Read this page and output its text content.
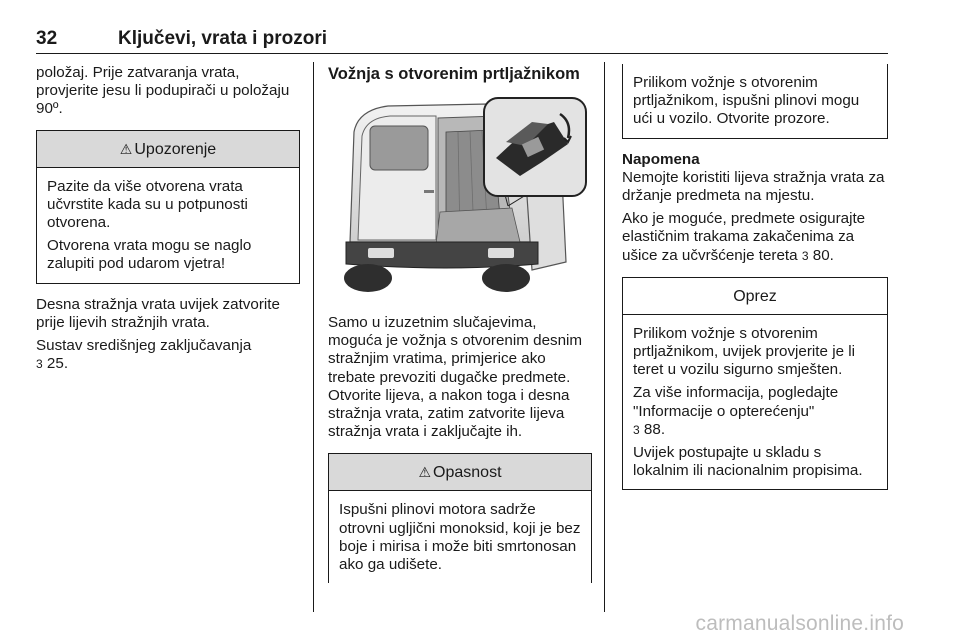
32	Ključevi, vrata i prozori

položaj. Prije zatvaranja vrata, provjerite jesu li podupirači u položaju 90º.

⚠ Upozorenje

Pazite da više otvorena vrata učvrstite kada su u potpunosti otvorena.

Otvorena vrata mogu se naglo zalupiti pod udarom vjetra!

Desna stražnja vrata uvijek zatvorite prije lijevih stražnjih vrata.

Sustav središnjeg zaključavanja
3 25.

Vožnja s otvorenim prtljažnikom

Samo u izuzetnim slučajevima, moguća je vožnja s otvorenim desnim stražnjim vratima, primjerice ako trebate prevoziti dugačke predmete. Otvorite lijeva, a nakon toga i desna stražnja vrata, zatim zatvorite lijeva stražnja vrata i zaključajte ih.

⚠ Opasnost

Ispušni plinovi motora sadrže otrovni ugljični monoksid, koji je bez boje i mirisa i može biti smrtonosan ako ga udišete.

Prilikom vožnje s otvorenim prtljažnikom, ispušni plinovi mogu ući u vozilo. Otvorite prozore.

Napomena

Nemojte koristiti lijeva stražnja vrata za držanje predmeta na mjestu.

Ako je moguće, predmete osigurajte elastičnim trakama zakačenima za ušice za učvršćenje tereta 3 80.

Oprez

Prilikom vožnje s otvorenim prtljažnikom, uvijek provjerite je li teret u vozilu sigurno smješten.

Za više informacija, pogledajte "Informacije o opterećenju"
3 88.

Uvijek postupajte u skladu s lokalnim ili nacionalnim propisima.

carmanualsonline.info
